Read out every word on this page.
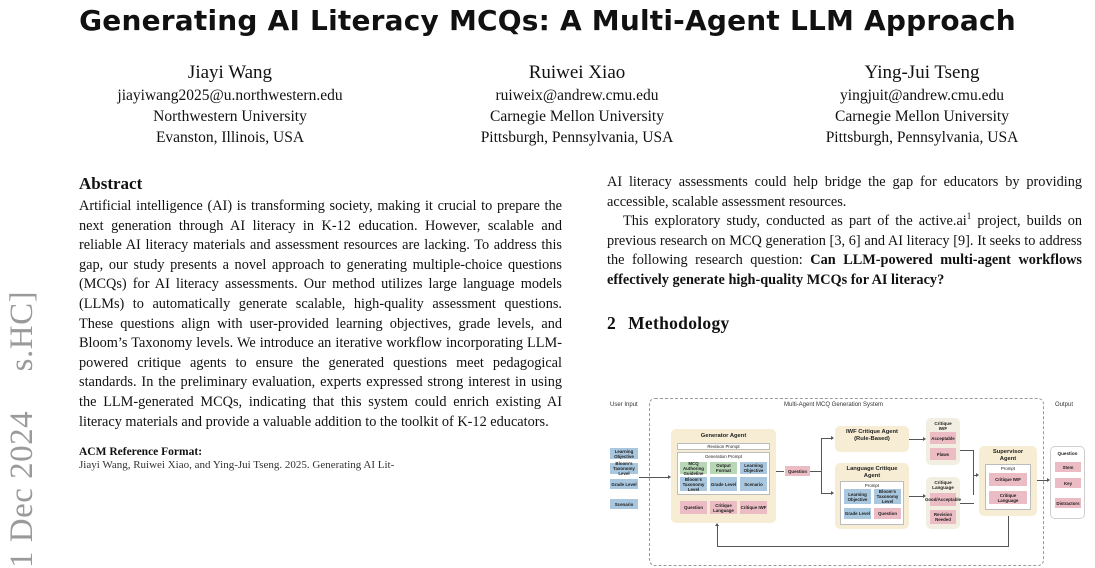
1 Dec 2024  s.HC]
Generating AI Literacy MCQs: A Multi-Agent LLM Approach
Jiayi Wang
jiayiwang2025@u.northwestern.edu
Northwestern University
Evanston, Illinois, USA
Ruiwei Xiao
ruiweix@andrew.cmu.edu
Carnegie Mellon University
Pittsburgh, Pennsylvania, USA
Ying-Jui Tseng
yingjuit@andrew.cmu.edu
Carnegie Mellon University
Pittsburgh, Pennsylvania, USA
Abstract
Artificial intelligence (AI) is transforming society, making it crucial to prepare the next generation through AI literacy in K-12 education. However, scalable and reliable AI literacy materials and assessment resources are lacking. To address this gap, our study presents a novel approach to generating multiple-choice questions (MCQs) for AI literacy assessments. Our method utilizes large language models (LLMs) to automatically generate scalable, high-quality assessment questions. These questions align with user-provided learning objectives, grade levels, and Bloom’s Taxonomy levels. We introduce an iterative workflow incorporating LLM-powered critique agents to ensure the generated questions meet pedagogical standards. In the preliminary evaluation, experts expressed strong interest in using the LLM-generated MCQs, indicating that this system could enrich existing AI literacy materials and provide a valuable addition to the toolkit of K-12 educators.
ACM Reference Format:
Jiayi Wang, Ruiwei Xiao, and Ying-Jui Tseng. 2025. Generating AI Lit-

AI literacy assessments could help bridge the gap for educators by providing accessible, scalable assessment resources.

This exploratory study, conducted as part of the $active.ai^1$ project, builds on previous research on MCQ generation [3, 6] and AI literacy [9]. It seeks to address the following research question: Can LLM-powered multi-agent workflows effectively generate high-quality MCQs for AI literacy?

2 Methodology
User Input	Multi-Agent MCQ Generation System	Output
Learning Objective
Bloom's Taxonomy Level
Grade Level
Scenario
Generator Agent
Revision Prompt
Generation Prompt
MCQ Authoring Guideline
Output Format
Learning Objective
Bloom's Taxonomy Level
Grade Level	Scenario
Question	Critique Language	Critique IWF
Question
IWF Critique Agent (Rule-Based)
Language Critique Agent
Prompt
Learning Objective
Bloom's Taxonomy Level
Grade Level	Question
Critique IWF
Acceptable
Flaws
Critique Language
Good/Acceptable
Revision Needed
Supervisor Agent
Prompt
Critique IWF
Critique Language
Question
Stem
Key
Distractors
